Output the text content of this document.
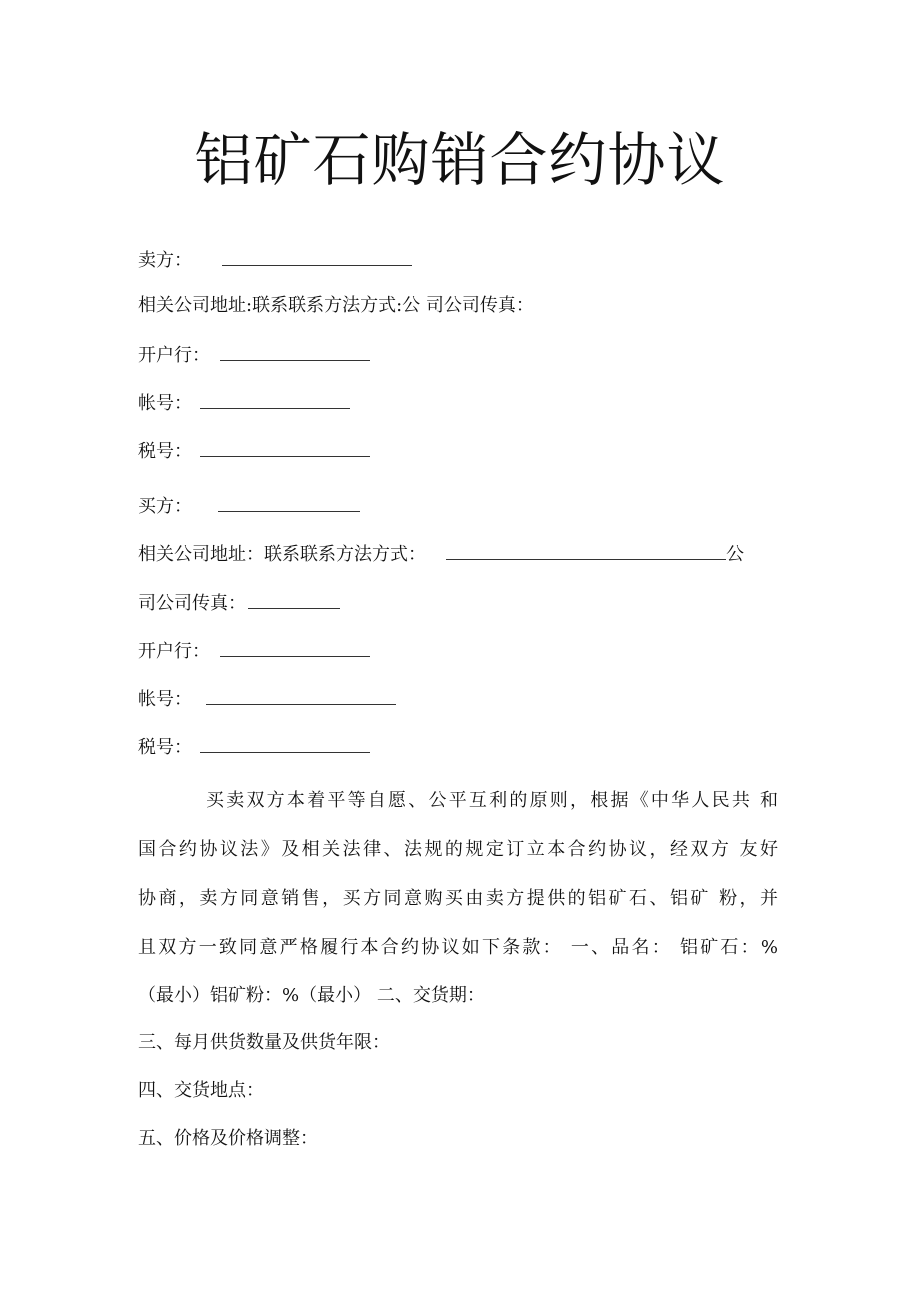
铝矿石购销合约协议
卖方：
相关公司地址:联系联系方法方式:公 司公司传真：
开户行：
帐号：
税号：
买方：
相关公司地址：联系联系方法方式：	公
司公司传真：
开户行：
帐号：
税号：
买卖双方本着平等自愿、公平互利的原则，根据《中华人民共 和
国合约协议法》及相关法律、法规的规定订立本合约协议，经双方 友好
协商，卖方同意销售，买方同意购买由卖方提供的铝矿石、铝矿 粉，并
且双方一致同意严格履行本合约协议如下条款： 一、品名： 铝矿石：%
（最小）铝矿粉：%（最小） 二、交货期：
三、每月供货数量及供货年限：
四、交货地点：
五、价格及价格调整：
